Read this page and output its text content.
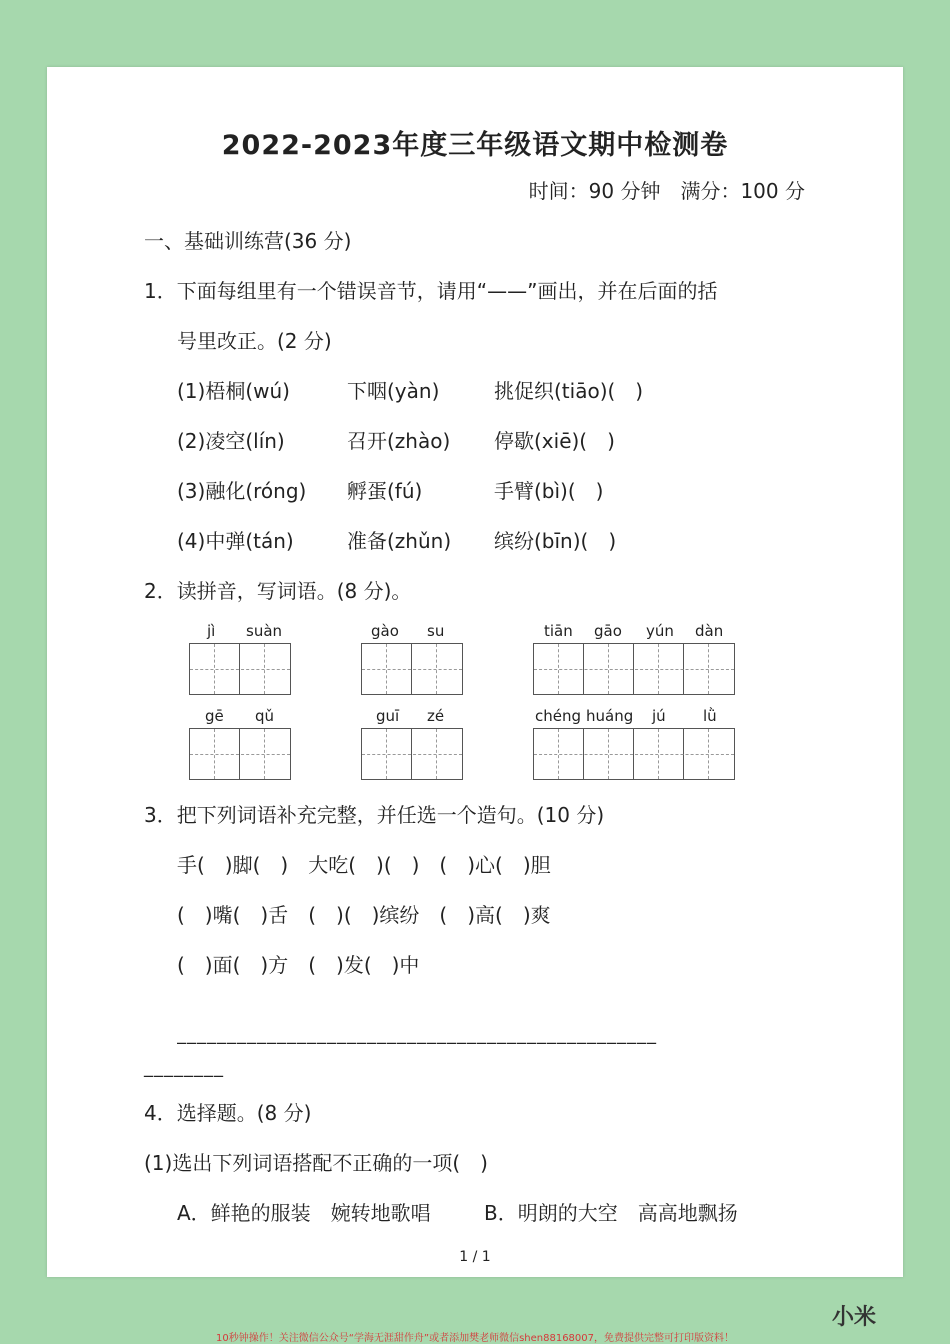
2022-2023年度三年级语文期中检测卷
时间：90 分钟　满分：100 分
一、基础训练营(36 分)
1．下面每组里有一个错误音节，请用“——”画出，并在后面的括
号里改正。(2 分)
(1)梧桐(wú)	下咽(yàn)	挑促织(tiāo)(　)
(2)凌空(lín)	召开(zhào) 停歇(xiē)(　)
(3)融化(róng) 孵蛋(fú)	手臂(bì)(　)
(4)中弹(tán)	准备(zhǔn) 缤纷(bīn)(　)
2．读拼音，写词语。(8 分)。
jì suàn	gào su	tiān gāo yún dàn
gē qǔ	guī zé	chéng huáng jú lǜ
3．把下列词语补充完整，并任选一个造句。(10 分)
手(　)脚(　)　大吃(　)(　)　(　)心(　)胆
(　)嘴(　)舌　(　)(　)缤纷　(　)高(　)爽
(　)面(　)方　(　)发(　)中
________________________________________________
________
4．选择题。(8 分)
(1)选出下列词语搭配不正确的一项(　)
A．鲜艳的服装　婉转地歌唱	B．明朗的大空　高高地飘扬
1 / 1
小米
10秒钟操作！关注微信公众号“学海无涯甜作舟”或者添加樊老师微信shen88168007，免费提供完整可打印版资料！
